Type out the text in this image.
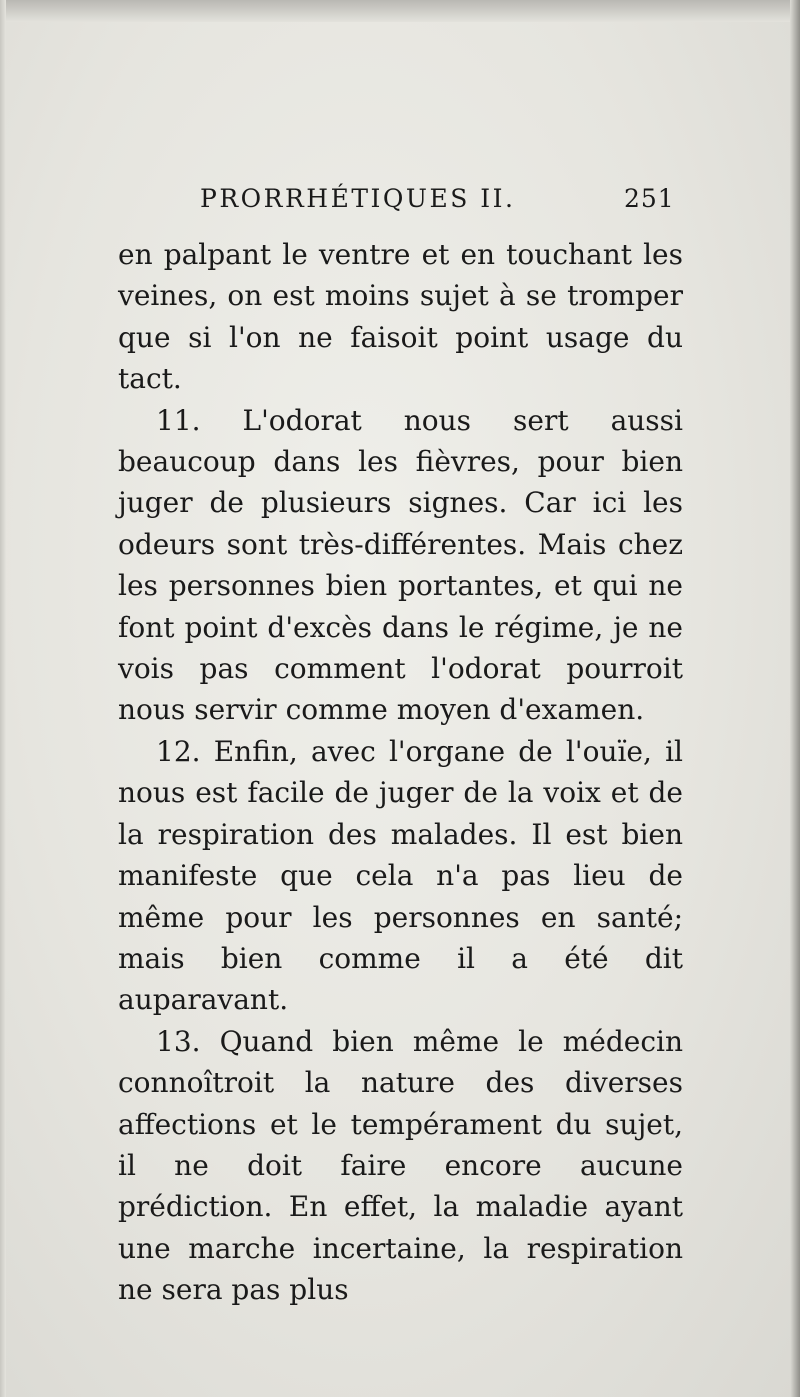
PRORRHÉTIQUES II.	251

en palpant le ventre et en touchant les veines, on est moins sujet à se tromper que si l'on ne faisoit point usage du tact.

11. L'odorat nous sert aussi beaucoup dans les fièvres, pour bien juger de plusieurs signes. Car ici les odeurs sont très-différentes. Mais chez les personnes bien portantes, et qui ne font point d'excès dans le régime, je ne vois pas comment l'odorat pourroit nous servir comme moyen d'examen.

12. Enfin, avec l'organe de l'ouïe, il nous est facile de juger de la voix et de la respiration des malades. Il est bien manifeste que cela n'a pas lieu de même pour les personnes en santé; mais bien comme il a été dit auparavant.

13. Quand bien même le médecin connoîtroit la nature des diverses affections et le tempérament du sujet, il ne doit faire encore aucune prédiction. En effet, la maladie ayant une marche incertaine, la respiration ne sera pas plus
